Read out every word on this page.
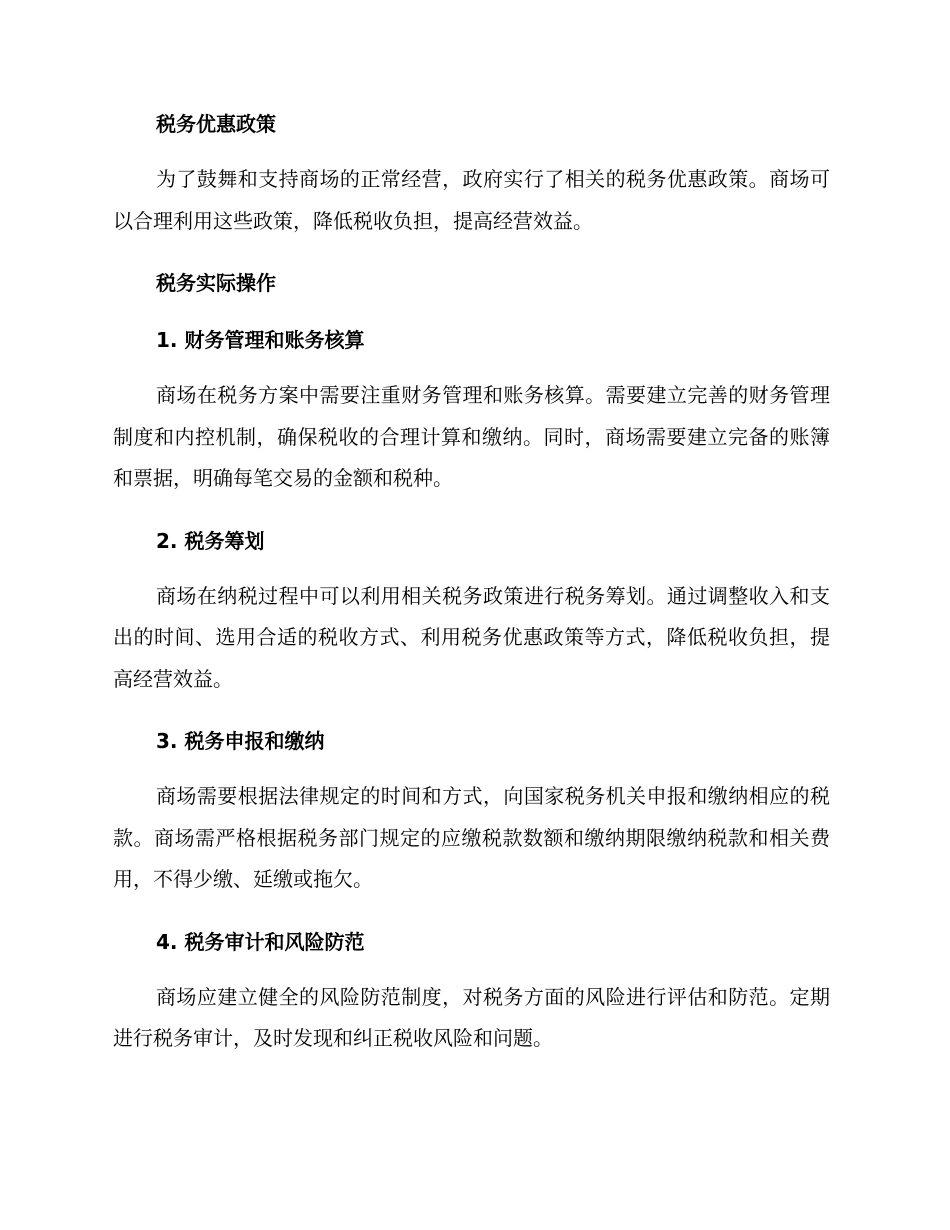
税务优惠政策

为了鼓舞和支持商场的正常经营，政府实行了相关的税务优惠政策。商场可以合理利用这些政策，降低税收负担，提高经营效益。

税务实际操作
1. 财务管理和账务核算

商场在税务方案中需要注重财务管理和账务核算。需要建立完善的财务管理制度和内控机制，确保税收的合理计算和缴纳。同时，商场需要建立完备的账簿和票据，明确每笔交易的金额和税种。

2. 税务筹划

商场在纳税过程中可以利用相关税务政策进行税务筹划。通过调整收入和支出的时间、选用合适的税收方式、利用税务优惠政策等方式，降低税收负担，提高经营效益。

3. 税务申报和缴纳

商场需要根据法律规定的时间和方式，向国家税务机关申报和缴纳相应的税款。商场需严格根据税务部门规定的应缴税款数额和缴纳期限缴纳税款和相关费用，不得少缴、延缴或拖欠。

4. 税务审计和风险防范

商场应建立健全的风险防范制度，对税务方面的风险进行评估和防范。定期进行税务审计，及时发现和纠正税收风险和问题。
